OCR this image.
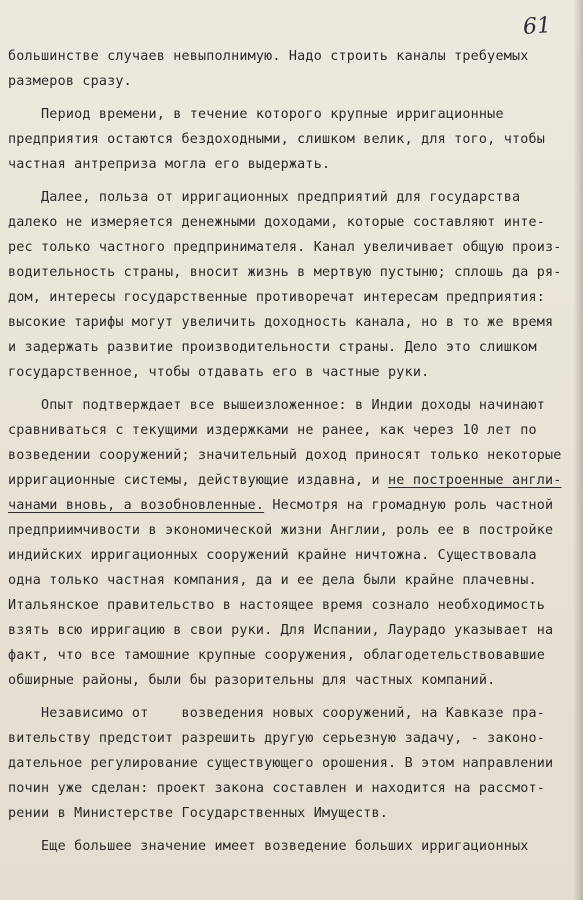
61
большинстве случаев невыполнимую. Надо строить каналы требуемых
размеров сразу.
Период времени, в течение которого крупные ирригационные
предприятия остаются бездоходными, слишком велик, для того, чтобы
частная антреприза могла его выдержать.
Далее, польза от ирригационных предприятий для государства
далеко не измеряется денежными доходами, которые составляют инте-
рес только частного предпринимателя. Канал увеличивает общую произ-
водительность страны, вносит жизнь в мертвую пустыню; сплошь да ря-
дом, интересы государственные противоречат интересам предприятия:
высокие тарифы могут увеличить доходность канала, но в то же время
и задержать развитие производительности страны. Дело это слишком
государственное, чтобы отдавать его в частные руки.
Опыт подтверждает все вышеизложенное: в Индии доходы начинают
сравниваться с текущими издержками не ранее, как через 10 лет по
возведении сооружений; значительный доход приносят только некоторые
ирригационные системы, действующие издавна, и не построенные англи-
чанами вновь, а возобновленные. Несмотря на громадную роль частной
предприимчивости в экономической жизни Англии, роль ее в постройке
индийских ирригационных сооружений крайне ничтожна. Существовала
одна только частная компания, да и ее дела были крайне плачевны.
Итальянское правительство в настоящее время сознало необходимость
взять всю ирригацию в свои руки. Для Испании, Лаурадо указывает на
факт, что все тамошние крупные сооружения, облагодетельствовавшие
обширные районы, были бы разорительны для частных компаний.
Независимо от    возведения новых сооружений, на Кавказе пра-
вительству предстоит разрешить другую серьезную задачу, - законо-
дательное регулирование существующего орошения. В этом направлении
почин уже сделан: проект закона составлен и находится на рассмот-
рении в Министерстве Государственных Имуществ.
Еще большее значение имеет возведение больших ирригационных
